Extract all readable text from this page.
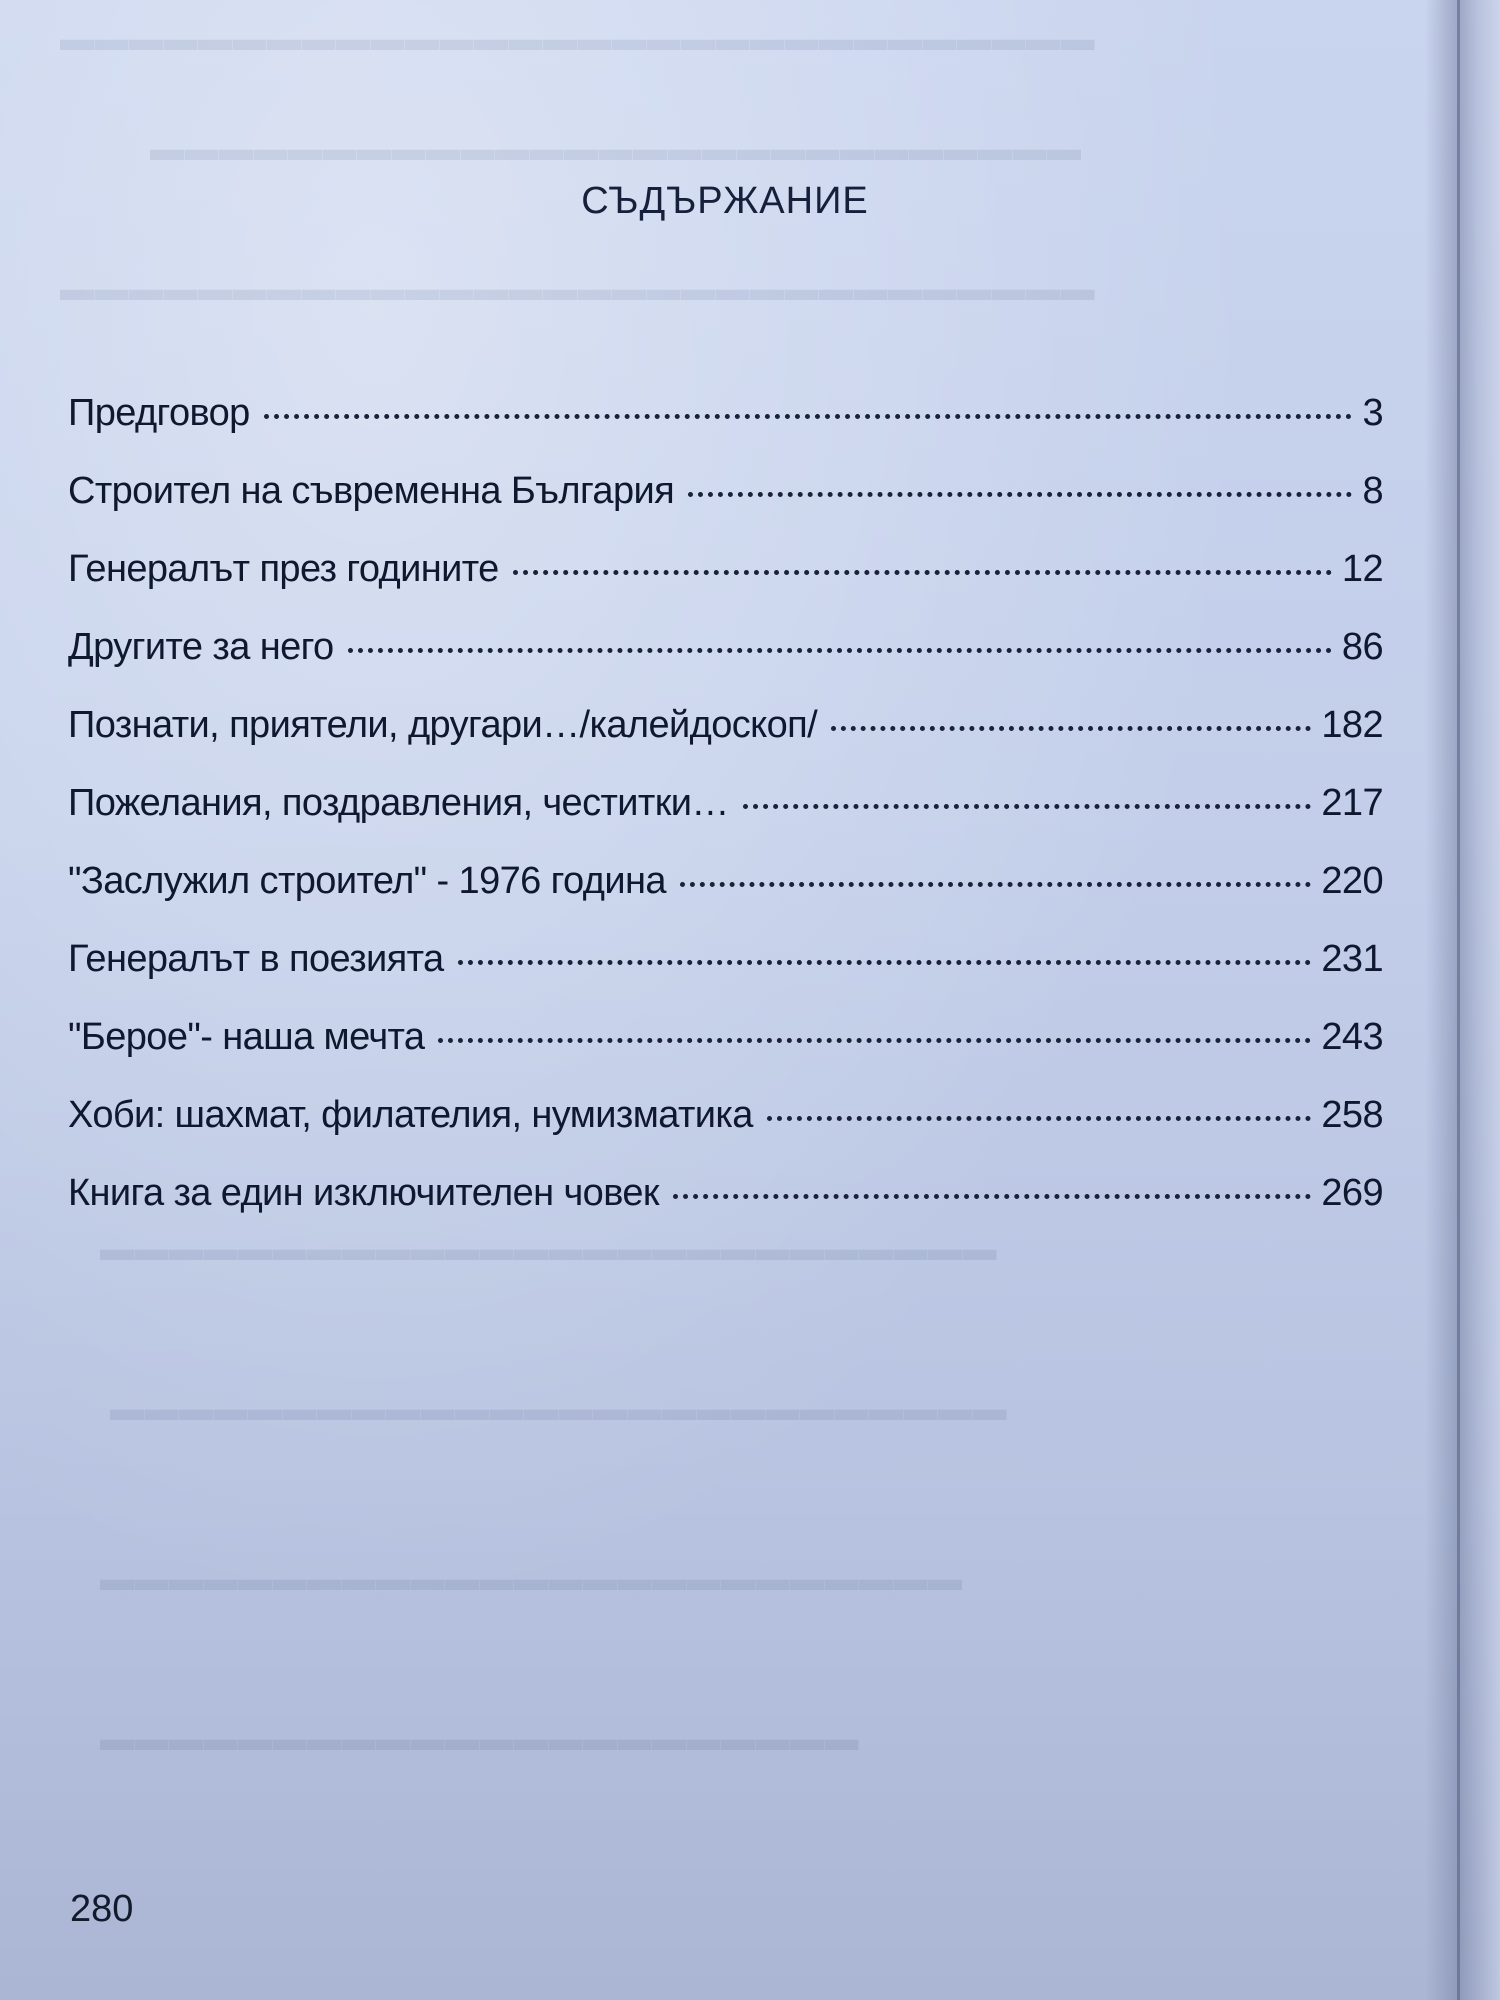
▬▬▬▬▬▬▬▬▬▬▬▬▬▬▬▬▬▬▬▬▬▬▬▬▬▬▬▬▬▬
▬▬▬▬▬▬▬▬▬▬▬▬▬▬▬▬▬▬▬▬▬▬▬▬▬▬▬
▬▬▬▬▬▬▬▬▬▬▬▬▬▬▬▬▬▬▬▬▬▬▬▬▬▬▬▬▬▬
▬▬▬▬▬▬▬▬▬▬▬▬▬▬▬▬▬▬▬▬▬▬▬▬▬▬
▬▬▬▬▬▬▬▬▬▬▬▬▬▬▬▬▬▬▬▬▬▬▬▬▬▬
▬▬▬▬▬▬▬▬▬▬▬▬▬▬▬▬▬▬▬▬▬▬▬▬▬
▬▬▬▬▬▬▬▬▬▬▬▬▬▬▬▬▬▬▬▬▬▬
СЪДЪРЖАНИЕ
Предговор	3
Строител на съвременна България	8
Генералът през годините	12
Другите за него	86
Познати, приятели, другари…/калейдоскоп/	182
Пожелания, поздравления, честитки…	217
"Заслужил строител" - 1976 година	220
Генералът в поезията	231
"Берое"- наша мечта	243
Хоби: шахмат, филателия, нумизматика	258
Книга за един изключителен човек	269
280
